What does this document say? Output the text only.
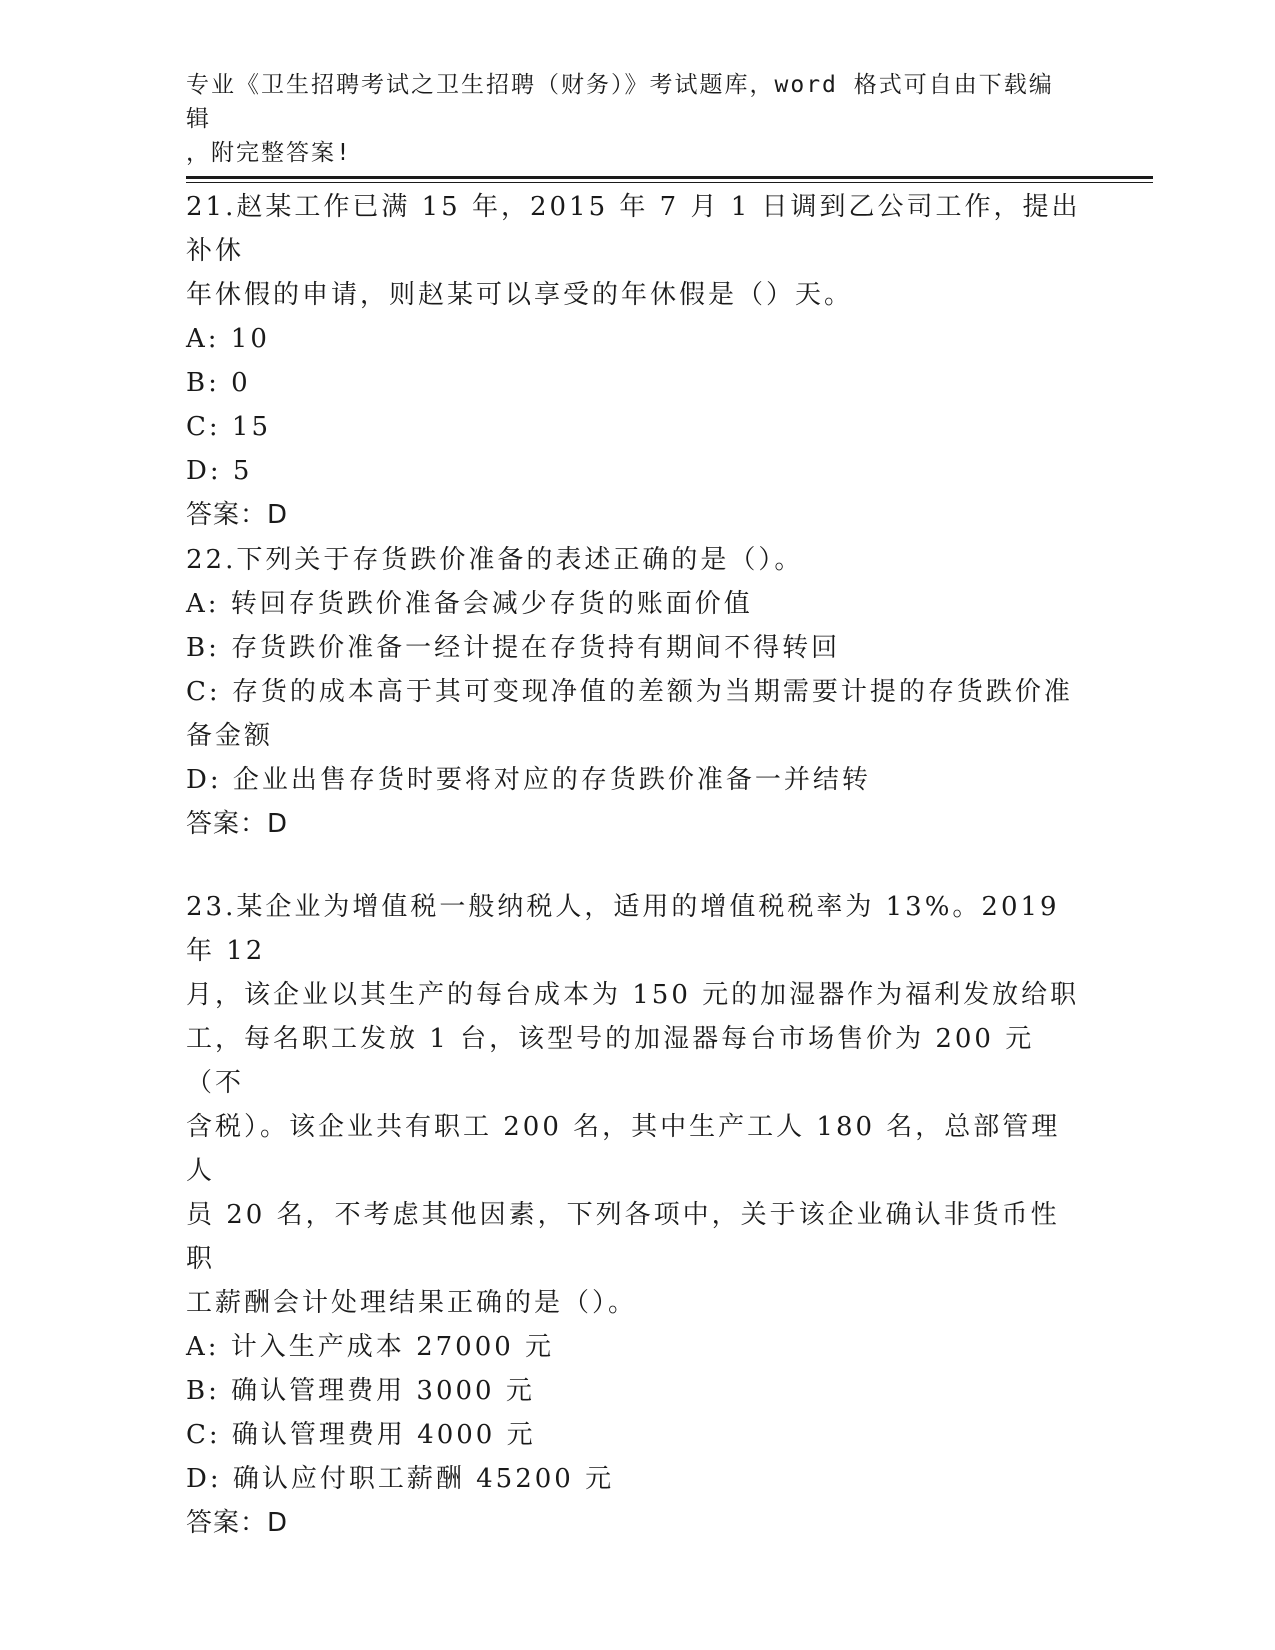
专业《卫生招聘考试之卫生招聘（财务）》考试题库，word 格式可自由下载编辑
，附完整答案!

21.赵某工作已满 15 年，2015 年 7 月 1 日调到乙公司工作，提出补休

年休假的申请，则赵某可以享受的年休假是（）天。

A: 10

B: 0

C: 15

D: 5

答案：D

22.下列关于存货跌价准备的表述正确的是（）。

A: 转回存货跌价准备会减少存货的账面价值

B: 存货跌价准备一经计提在存货持有期间不得转回

C: 存货的成本高于其可变现净值的差额为当期需要计提的存货跌价准

备金额

D: 企业出售存货时要将对应的存货跌价准备一并结转

答案：D

23.某企业为增值税一般纳税人，适用的增值税税率为 13%。2019 年 12

月，该企业以其生产的每台成本为 150 元的加湿器作为福利发放给职

工，每名职工发放 1 台，该型号的加湿器每台市场售价为 200 元（不

含税）。该企业共有职工 200 名，其中生产工人 180 名，总部管理人

员 20 名，不考虑其他因素，下列各项中，关于该企业确认非货币性职

工薪酬会计处理结果正确的是（）。

A: 计入生产成本 27000 元

B: 确认管理费用 3000 元

C: 确认管理费用 4000 元

D: 确认应付职工薪酬 45200 元

答案：D
